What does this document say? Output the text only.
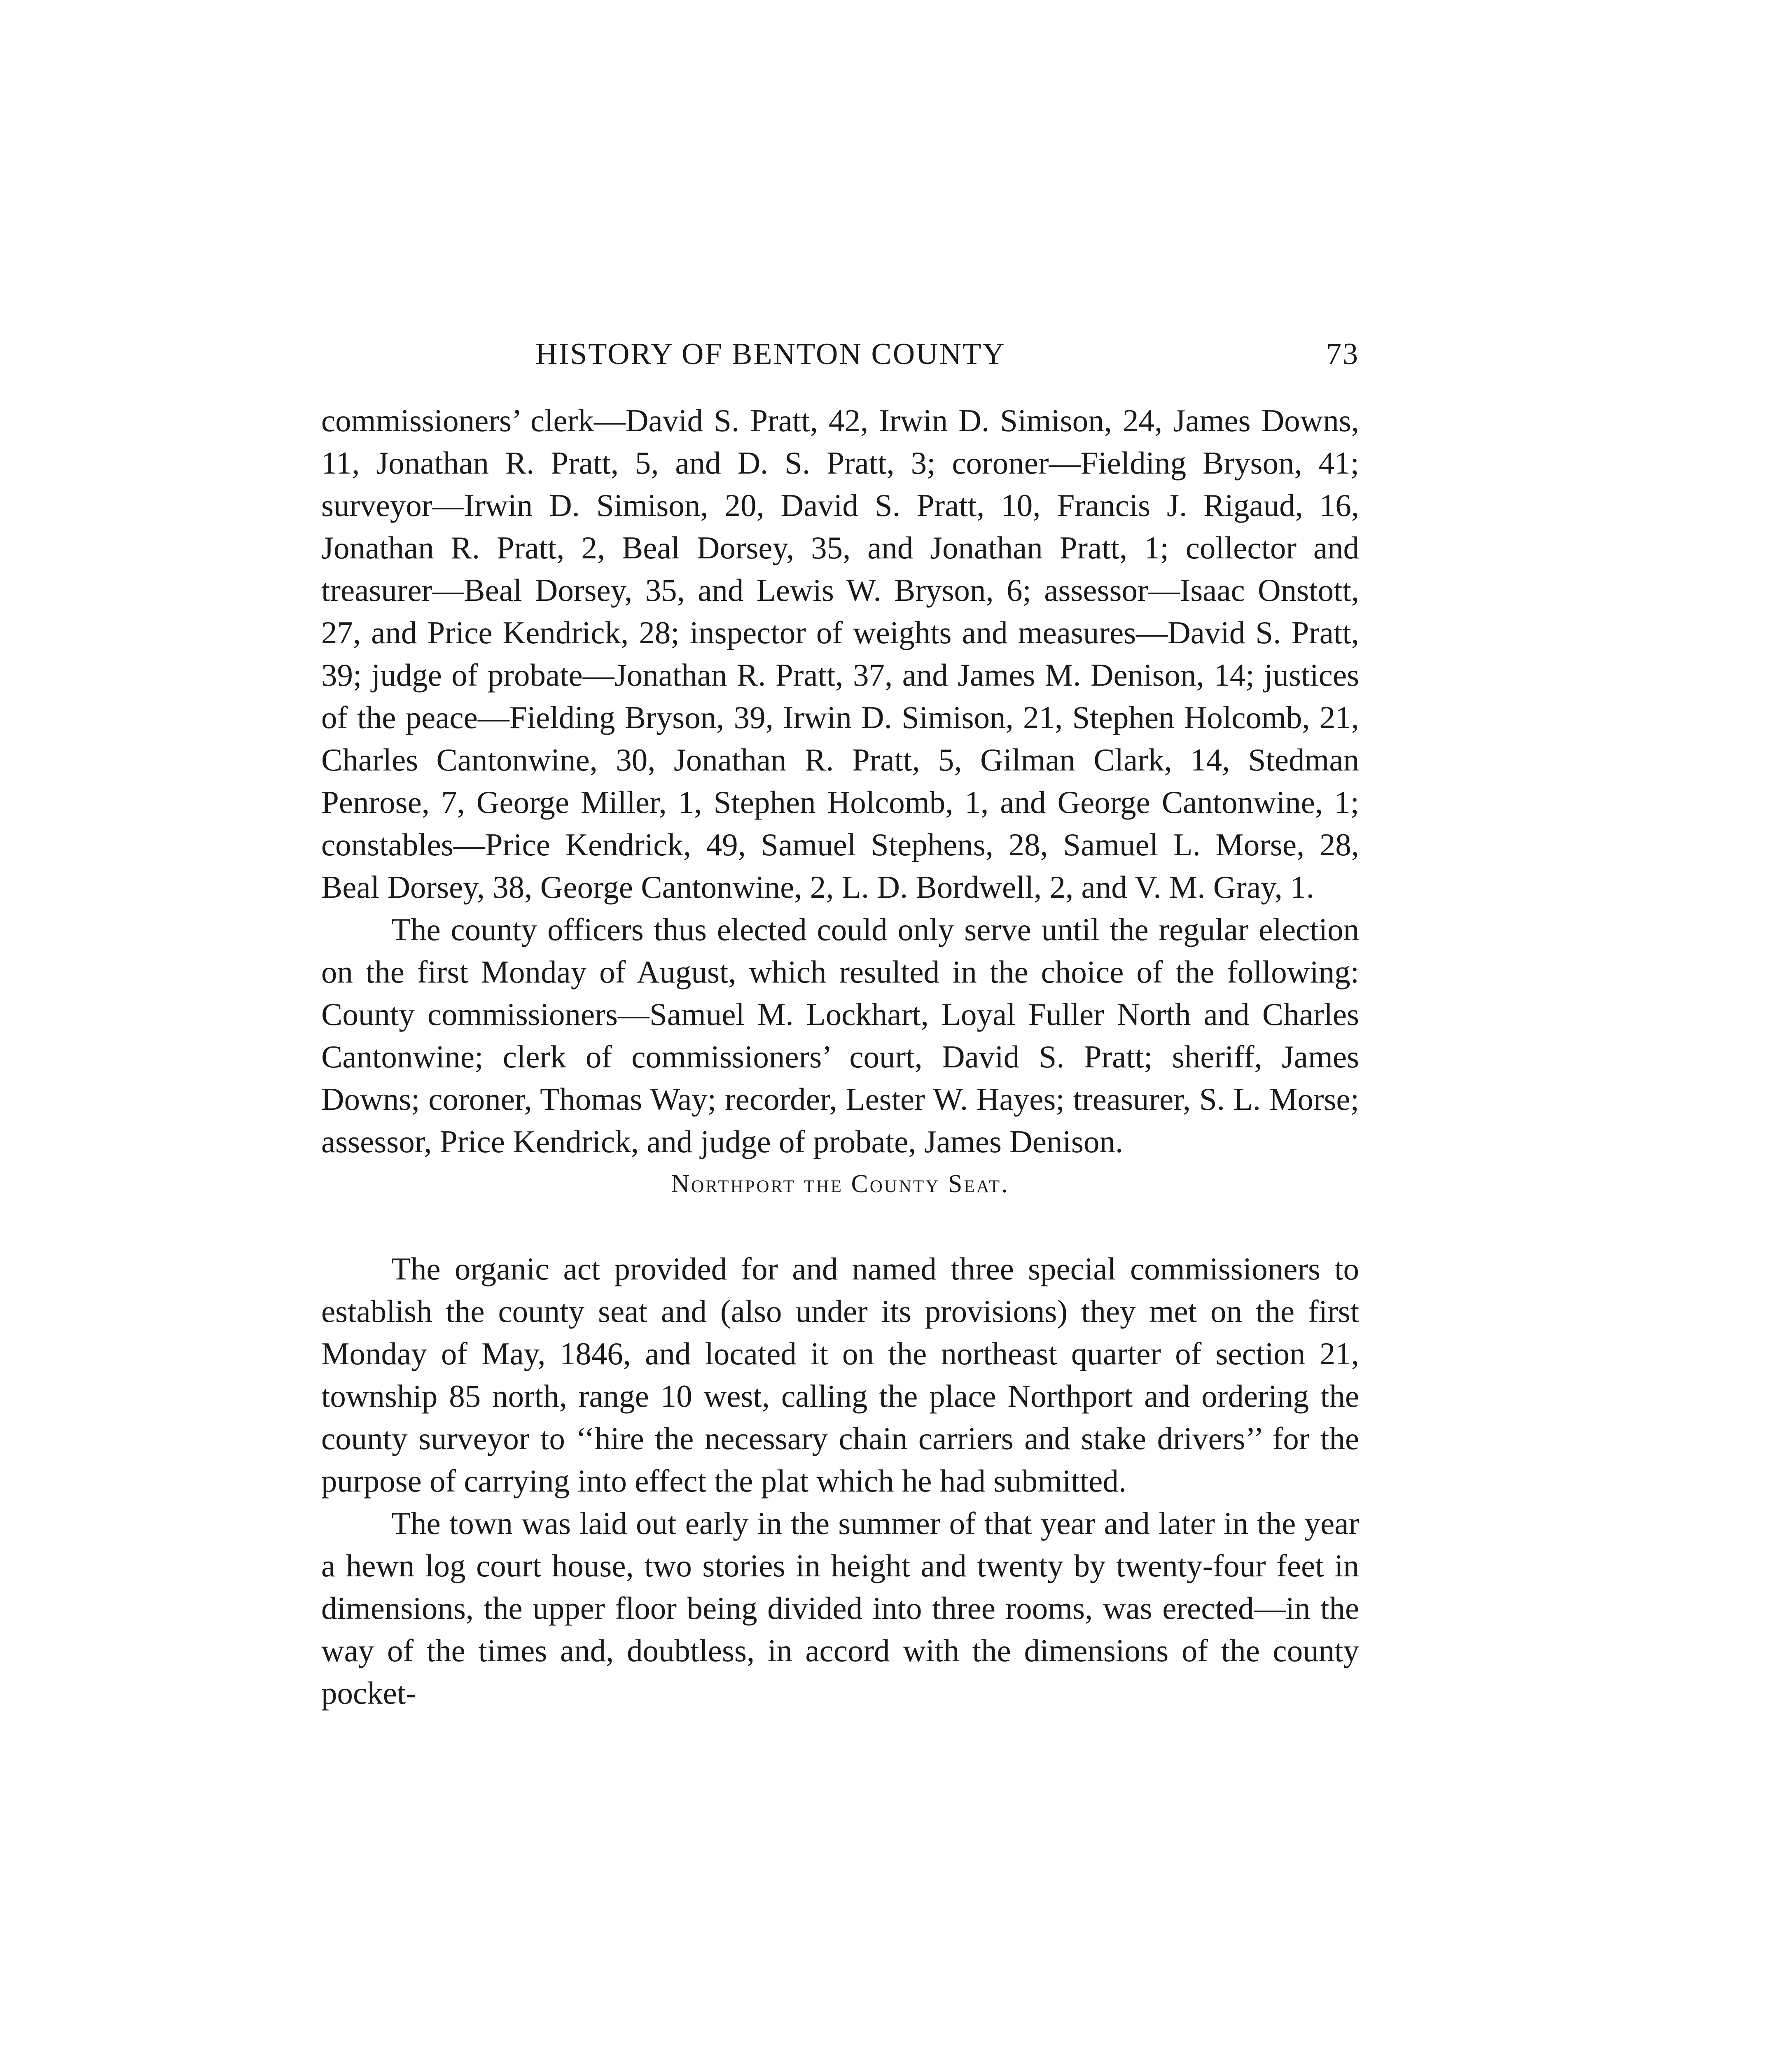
HISTORY OF BENTON COUNTY	73

commissioners’ clerk—David S. Pratt, 42, Irwin D. Simison, 24, James Downs, 11, Jonathan R. Pratt, 5, and D. S. Pratt, 3; coroner—Fielding Bryson, 41; surveyor—Irwin D. Simison, 20, David S. Pratt, 10, Francis J. Rigaud, 16, Jonathan R. Pratt, 2, Beal Dorsey, 35, and Jonathan Pratt, 1; collector and treasurer—Beal Dorsey, 35, and Lewis W. Bryson, 6; assessor—Isaac Onstott, 27, and Price Kendrick, 28; inspector of weights and measures—David S. Pratt, 39; judge of probate—Jonathan R. Pratt, 37, and James M. Denison, 14; justices of the peace—Fielding Bryson, 39, Irwin D. Simison, 21, Stephen Holcomb, 21, Charles Cantonwine, 30, Jonathan R. Pratt, 5, Gilman Clark, 14, Stedman Penrose, 7, George Miller, 1, Stephen Holcomb, 1, and George Cantonwine, 1; constables—Price Kendrick, 49, Samuel Stephens, 28, Samuel L. Morse, 28, Beal Dorsey, 38, George Cantonwine, 2, L. D. Bordwell, 2, and V. M. Gray, 1.

The county officers thus elected could only serve until the regular election on the first Monday of August, which resulted in the choice of the following: County commissioners—Samuel M. Lockhart, Loyal Fuller North and Charles Cantonwine; clerk of commissioners’ court, David S. Pratt; sheriff, James Downs; coroner, Thomas Way; recorder, Lester W. Hayes; treasurer, S. L. Morse; assessor, Price Kendrick, and judge of probate, James Denison.

Northport the County Seat.

The organic act provided for and named three special commissioners to establish the county seat and (also under its provisions) they met on the first Monday of May, 1846, and located it on the northeast quarter of section 21, township 85 north, range 10 west, calling the place Northport and ordering the county surveyor to ‘‘hire the necessary chain carriers and stake drivers’’ for the purpose of carrying into effect the plat which he had submitted.

The town was laid out early in the summer of that year and later in the year a hewn log court house, two stories in height and twenty by twenty-four feet in dimensions, the upper floor being divided into three rooms, was erected—in the way of the times and, doubtless, in accord with the dimensions of the county pocket-
